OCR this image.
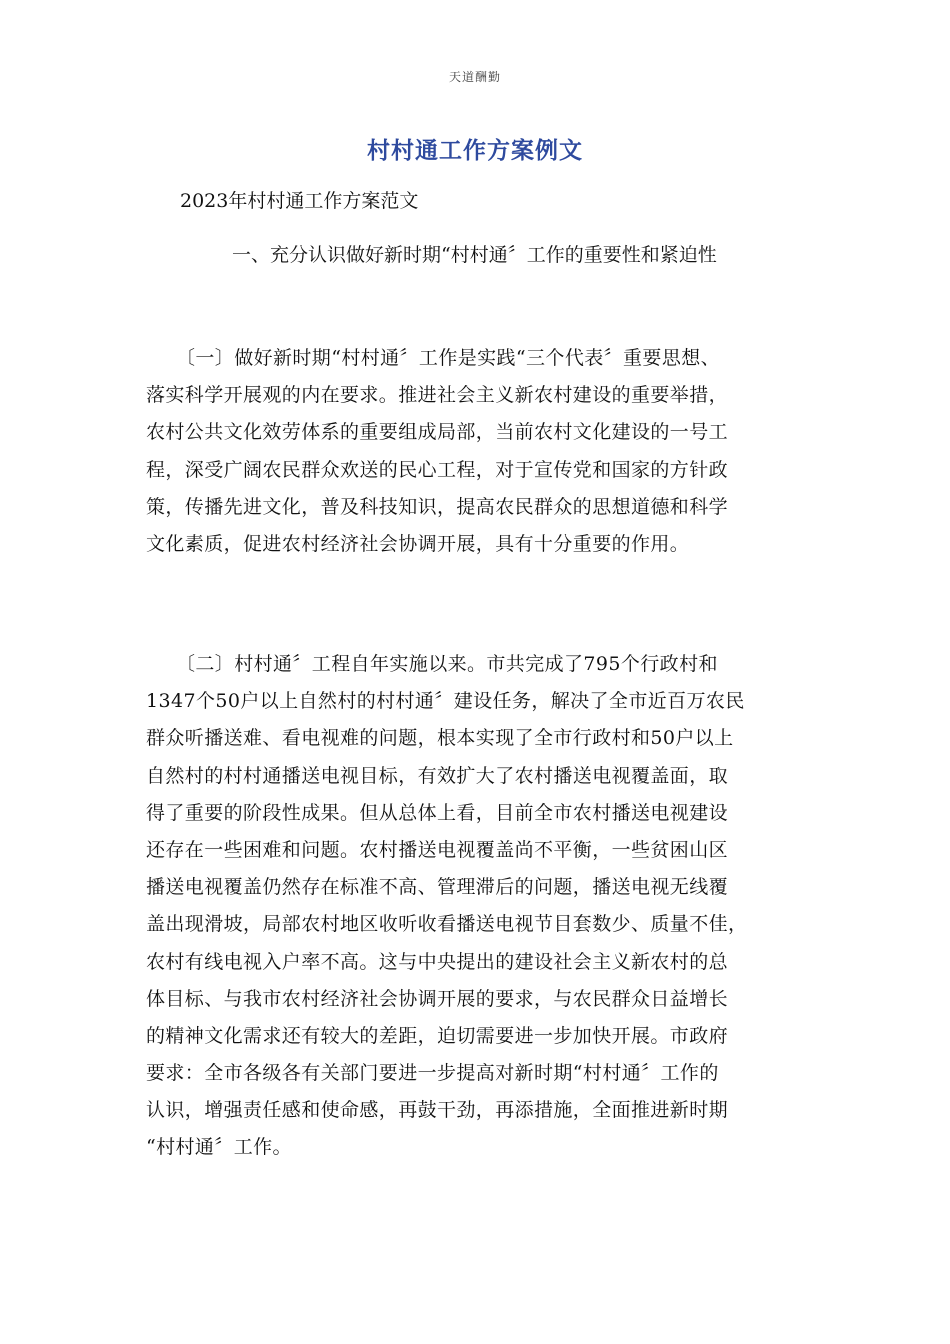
天道酬勤
村村通工作方案例文
2023年村村通工作方案范文
一、充分认识做好新时期“村村通〞工作的重要性和紧迫性
〔一〕做好新时期“村村通〞工作是实践“三个代表〞重要思想、
落实科学开展观的内在要求。推进社会主义新农村建设的重要举措，
农村公共文化效劳体系的重要组成局部，当前农村文化建设的一号工
程，深受广阔农民群众欢送的民心工程，对于宣传党和国家的方针政
策，传播先进文化，普及科技知识，提高农民群众的思想道德和科学
文化素质，促进农村经济社会协调开展，具有十分重要的作用。
〔二〕村村通〞工程自年实施以来。市共完成了795个行政村和
1347个50户以上自然村的村村通〞建设任务，解决了全市近百万农民
群众听播送难、看电视难的问题，根本实现了全市行政村和50户以上
自然村的村村通播送电视目标，有效扩大了农村播送电视覆盖面，取
得了重要的阶段性成果。但从总体上看，目前全市农村播送电视建设
还存在一些困难和问题。农村播送电视覆盖尚不平衡，一些贫困山区
播送电视覆盖仍然存在标准不高、管理滞后的问题，播送电视无线覆
盖出现滑坡，局部农村地区收听收看播送电视节目套数少、质量不佳，
农村有线电视入户率不高。这与中央提出的建设社会主义新农村的总
体目标、与我市农村经济社会协调开展的要求，与农民群众日益增长
的精神文化需求还有较大的差距，迫切需要进一步加快开展。市政府
要求：全市各级各有关部门要进一步提高对新时期“村村通〞工作的
认识，增强责任感和使命感，再鼓干劲，再添措施，全面推进新时期
“村村通〞工作。
